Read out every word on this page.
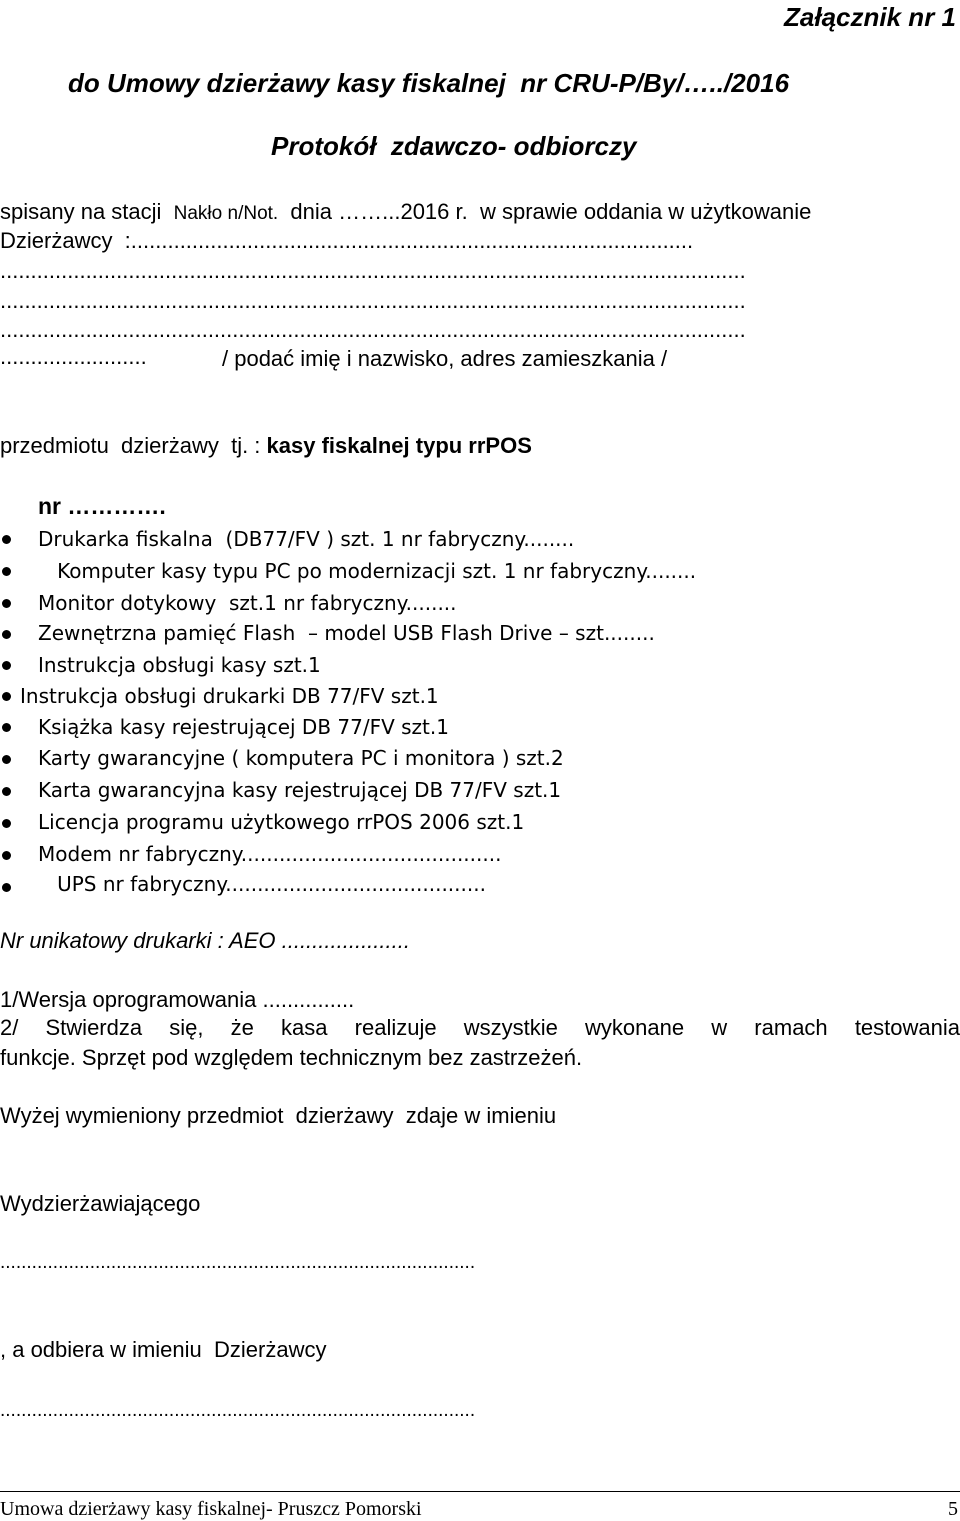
Załącznik nr 1
do Umowy dzierżawy kasy fiskalnej  nr CRU-P/By/…../2016
Protokół  zdawczo- odbiorczy
spisany na stacji  Nakło n/Not.  dnia ……...2016 r.  w sprawie oddania w użytkowanie
Dzierżawcy  :............................................................................................
..........................................................................................................................
..........................................................................................................................
..........................................................................................................................
........................	/ podać imię i nazwisko, adres zamieszkania /
przedmiotu  dzierżawy  tj. : kasy fiskalnej typu rrPOS
nr ………….
Drukarka fiskalna  (DB77/FV ) szt. 1 nr fabryczny........
Komputer kasy typu PC po modernizacji szt. 1 nr fabryczny........
Monitor dotykowy  szt.1 nr fabryczny........
Zewnętrzna pamięć Flash  – model USB Flash Drive – szt........
Instrukcja obsługi kasy szt.1
Instrukcja obsługi drukarki DB 77/FV szt.1
Książka kasy rejestrującej DB 77/FV szt.1
Karty gwarancyjne ( komputera PC i monitora ) szt.2
Karta gwarancyjna kasy rejestrującej DB 77/FV szt.1
Licencja programu użytkowego rrPOS 2006 szt.1
Modem nr fabryczny.........................................
UPS nr fabryczny.........................................
Nr unikatowy drukarki : AEO .....................
1/Wersja oprogramowania ...............
2/ Stwierdza się, że kasa realizuje wszystkie wykonane w ramach testowania
funkcje. Sprzęt pod względem technicznym bez zastrzeżeń.
Wyżej wymieniony przedmiot  dzierżawy  zdaje w imieniu
Wydzierżawiającego
..........................................................................................
, a odbiera w imieniu  Dzierżawcy
..........................................................................................
Umowa dzierżawy kasy fiskalnej- Pruszcz Pomorski	5
